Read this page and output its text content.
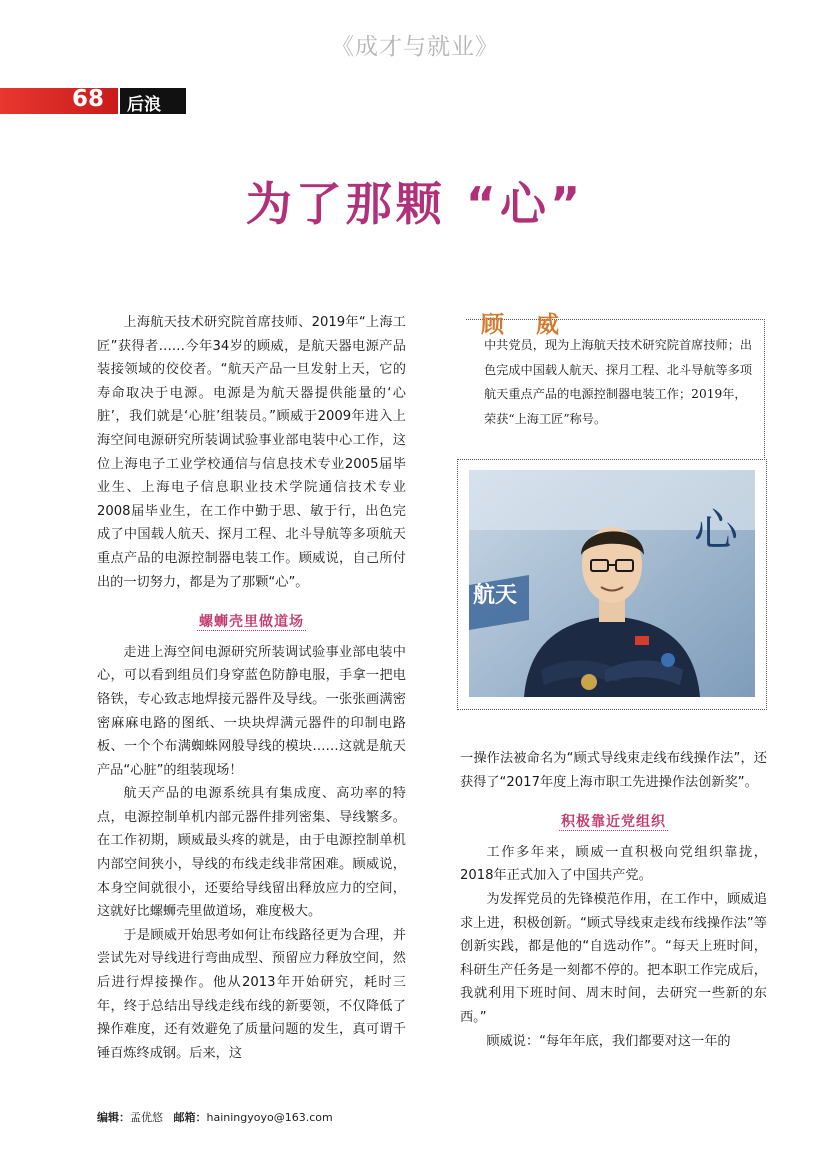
《成才与就业》
68 后浪
为了那颗 “心”

上海航天技术研究院首席技师、2019年“上海工匠”获得者……今年34岁的顾威，是航天器电源产品装接领域的佼佼者。“航天产品一旦发射上天，它的寿命取决于电源。电源是为航天器提供能量的‘心脏’，我们就是‘心脏’组装员。”顾威于2009年进入上海空间电源研究所装调试验事业部电装中心工作，这位上海电子工业学校通信与信息技术专业2005届毕业生、上海电子信息职业技术学院通信技术专业2008届毕业生，在工作中勤于思、敏于行，出色完成了中国载人航天、探月工程、北斗导航等多项航天重点产品的电源控制器电装工作。顾威说，自己所付出的一切努力，都是为了那颗“心”。

螺蛳壳里做道场

走进上海空间电源研究所装调试验事业部电装中心，可以看到组员们身穿蓝色防静电服，手拿一把电铬铁，专心致志地焊接元器件及导线。一张张画满密密麻麻电路的图纸、一块块焊满元器件的印制电路板、一个个布满蜘蛛网般导线的模块……这就是航天产品“心脏”的组装现场！

航天产品的电源系统具有集成度、高功率的特点，电源控制单机内部元器件排列密集、导线繁多。在工作初期，顾威最头疼的就是，由于电源控制单机内部空间狭小，导线的布线走线非常困难。顾威说，本身空间就很小，还要给导线留出释放应力的空间，这就好比螺蛳壳里做道场，难度极大。

于是顾威开始思考如何让布线路径更为合理，并尝试先对导线进行弯曲成型、预留应力释放空间，然后进行焊接操作。他从2013年开始研究，耗时三年，终于总结出导线走线布线的新要领，不仅降低了操作难度，还有效避免了质量问题的发生，真可谓千锤百炼终成钢。后来，这

顾 威
中共党员，现为上海航天技术研究院首席技师；出色完成中国载人航天、探月工程、北斗导航等多项航天重点产品的电源控制器电装工作；2019年，荣获“上海工匠”称号。
航天
心

一操作法被命名为“顾式导线束走线布线操作法”，还获得了“2017年度上海市职工先进操作法创新奖”。

积极靠近党组织

工作多年来，顾威一直积极向党组织靠拢，2018年正式加入了中国共产党。

为发挥党员的先锋模范作用，在工作中，顾威追求上进，积极创新。“顾式导线束走线布线操作法”等创新实践，都是他的“自选动作”。“每天上班时间，科研生产任务是一刻都不停的。把本职工作完成后，我就利用下班时间、周末时间，去研究一些新的东西。”

顾威说：“每年年底，我们都要对这一年的

编辑：孟优悠 邮箱：hainingyoyo@163.com
